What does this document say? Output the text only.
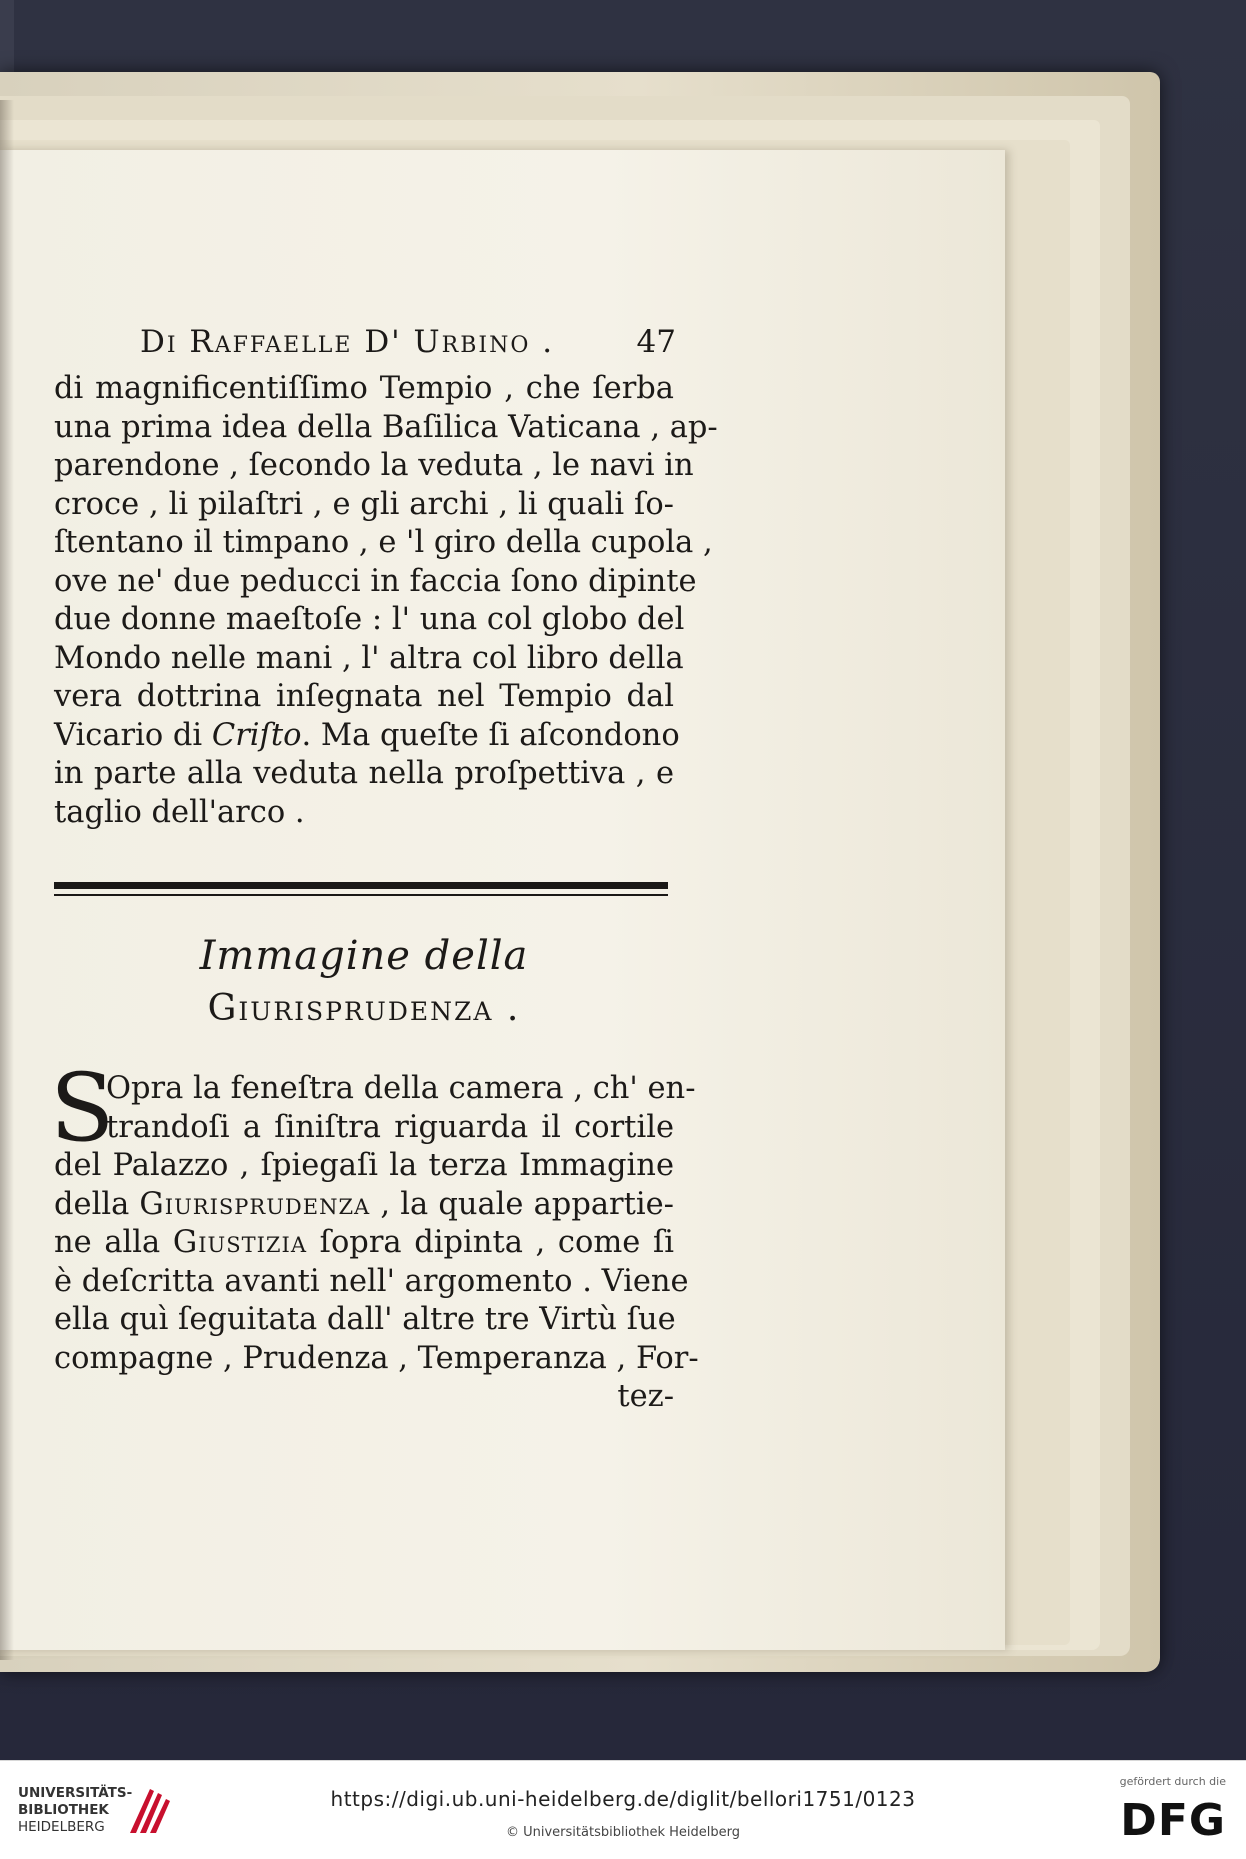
Di Raffaelle D' Urbino .	47
di magnificentiſſimo Tempio , che ſerba
una prima idea della Baſilica Vaticana , ap-
parendone , ſecondo la veduta , le navi in
croce , li pilaſtri , e gli archi , li quali ſo-
ſtentano il timpano , e 'l giro della cupola ,
ove ne' due peducci in faccia ſono dipinte
due donne maeſtoſe : l' una col globo del
Mondo nelle mani , l' altra col libro della
vera dottrina inſegnata nel Tempio dal
Vicario di Criſto. Ma queſte ſi aſcondono
in parte alla veduta nella proſpettiva , e
taglio dell'arco .
Immagine della
Giurisprudenza .
S
Opra la feneſtra della camera , ch' en-
trandoſi a ſiniſtra riguarda il cortile
del Palazzo , ſpiegaſi la terza Immagine
della Giurisprudenza , la quale appartie-
ne alla Giustizia ſopra dipinta , come ſi
è deſcritta avanti nell' argomento . Viene
ella quì ſeguitata dall' altre tre Virtù ſue
compagne , Prudenza , Temperanza , For-
tez-
UNIVERSITÄTS-
BIBLIOTHEK
HEIDELBERG
https://digi.ub.uni-heidelberg.de/diglit/bellori1751/0123
© Universitätsbibliothek Heidelberg
gefördert durch die
DFG
